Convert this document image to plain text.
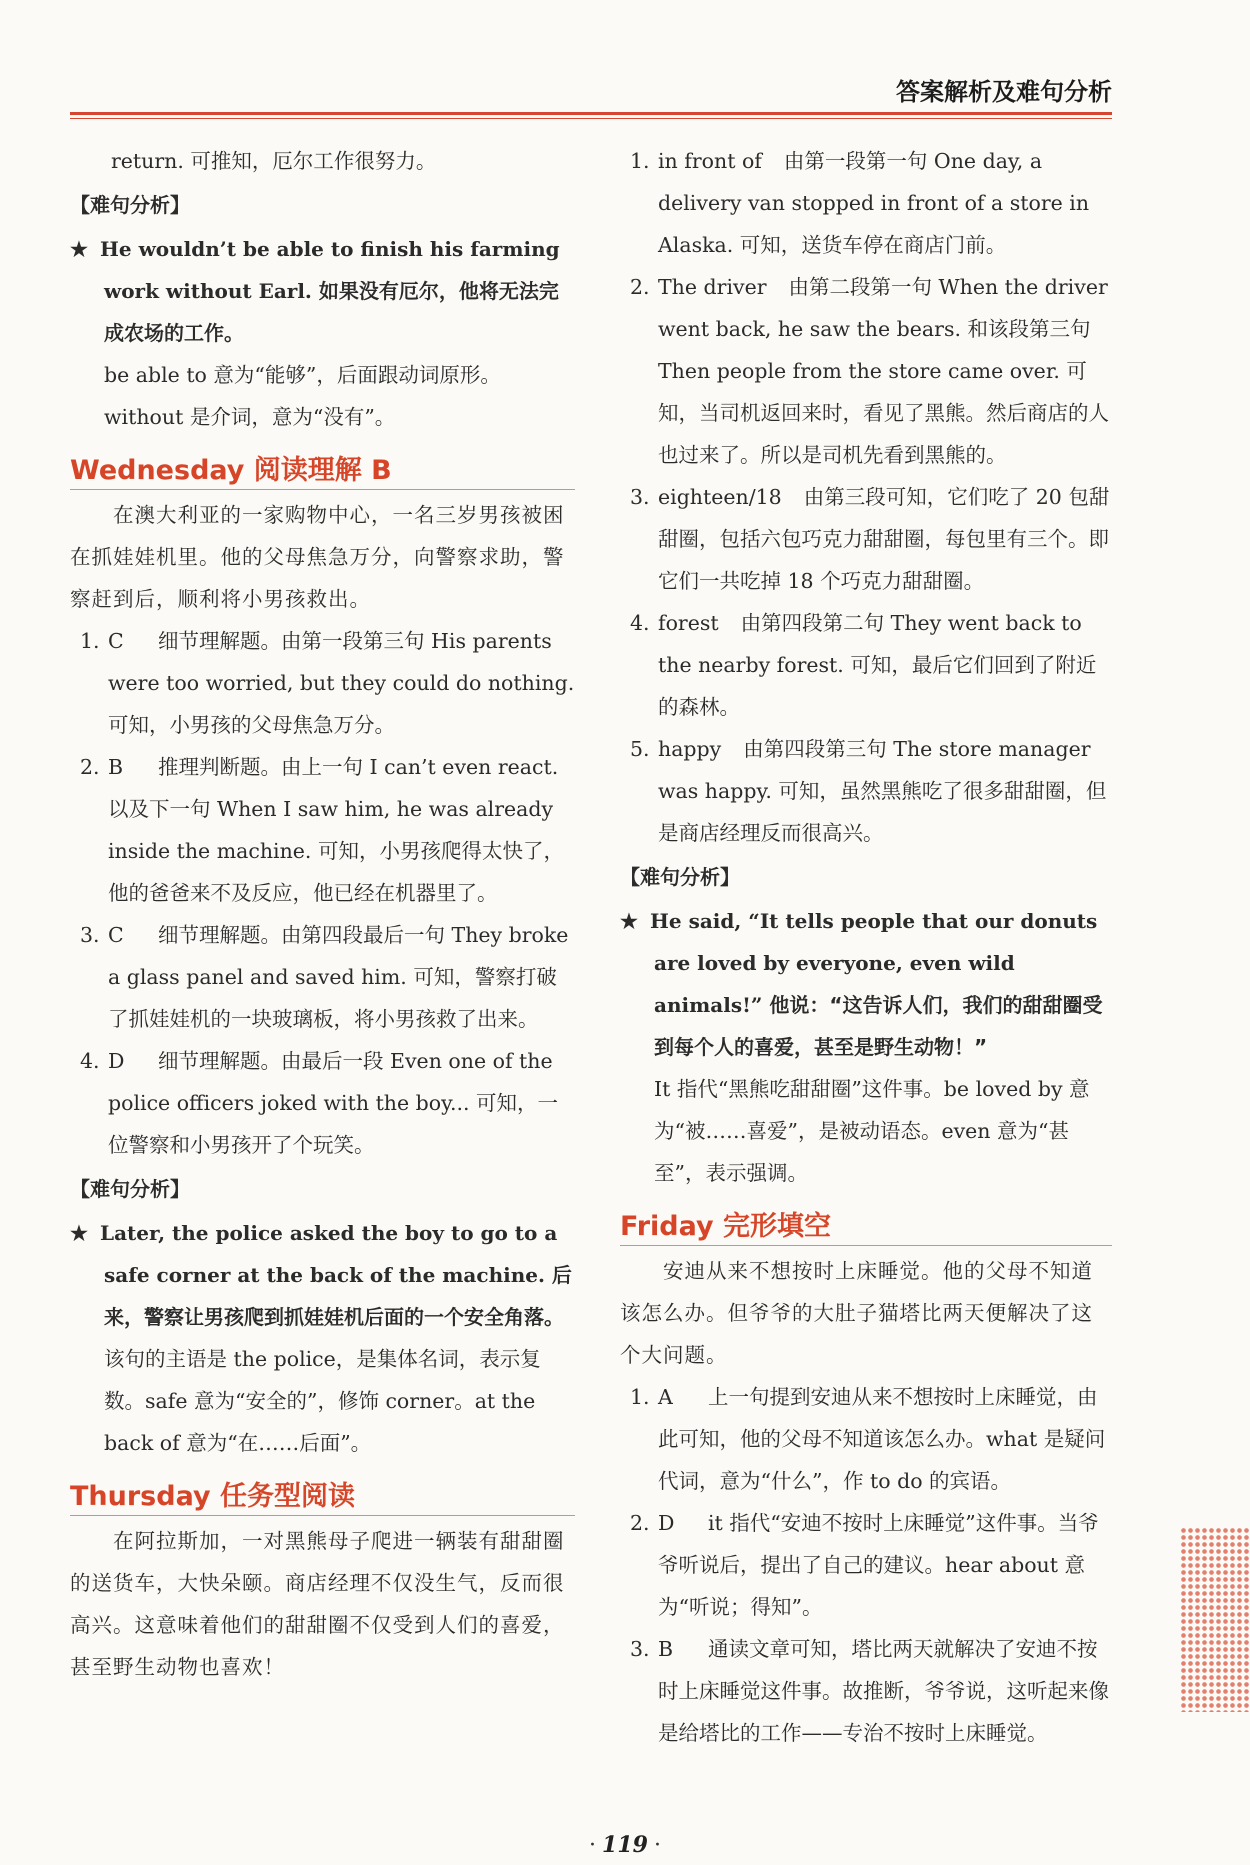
答案解析及难句分析
return. 可推知，厄尔工作很努力。
【难句分析】
★ He wouldn’t be able to finish his farming work without Earl. 如果没有厄尔，他将无法完成农场的工作。
be able to 意为“能够”，后面跟动词原形。
without 是介词，意为“没有”。
Wednesday 阅读理解 B
在澳大利亚的一家购物中心，一名三岁男孩被困在抓娃娃机里。他的父母焦急万分，向警察求助，警察赶到后，顺利将小男孩救出。
1. C 细节理解题。由第一段第三句 His parents were too worried, but they could do nothing. 可知，小男孩的父母焦急万分。
2. B 推理判断题。由上一句 I can’t even react. 以及下一句 When I saw him, he was already inside the machine. 可知，小男孩爬得太快了，他的爸爸来不及反应，他已经在机器里了。
3. C 细节理解题。由第四段最后一句 They broke a glass panel and saved him. 可知，警察打破了抓娃娃机的一块玻璃板，将小男孩救了出来。
4. D 细节理解题。由最后一段 Even one of the police officers joked with the boy... 可知，一位警察和小男孩开了个玩笑。
【难句分析】
★ Later, the police asked the boy to go to a safe corner at the back of the machine. 后来，警察让男孩爬到抓娃娃机后面的一个安全角落。
该句的主语是 the police，是集体名词，表示复数。safe 意为“安全的”，修饰 corner。at the back of 意为“在……后面”。
Thursday 任务型阅读
在阿拉斯加，一对黑熊母子爬进一辆装有甜甜圈的送货车，大快朵颐。商店经理不仅没生气，反而很高兴。这意味着他们的甜甜圈不仅受到人们的喜爱，甚至野生动物也喜欢！
1. in front of 由第一段第一句 One day, a delivery van stopped in front of a store in Alaska. 可知，送货车停在商店门前。
2. The driver 由第二段第一句 When the driver went back, he saw the bears. 和该段第三句 Then people from the store came over. 可知，当司机返回来时，看见了黑熊。然后商店的人也过来了。所以是司机先看到黑熊的。
3. eighteen/18 由第三段可知，它们吃了 20 包甜甜圈，包括六包巧克力甜甜圈，每包里有三个。即它们一共吃掉 18 个巧克力甜甜圈。
4. forest 由第四段第二句 They went back to the nearby forest. 可知，最后它们回到了附近的森林。
5. happy 由第四段第三句 The store manager was happy. 可知，虽然黑熊吃了很多甜甜圈，但是商店经理反而很高兴。
【难句分析】
★ He said, “It tells people that our donuts are loved by everyone, even wild animals!” 他说：“这告诉人们，我们的甜甜圈受到每个人的喜爱，甚至是野生动物！”
It 指代“黑熊吃甜甜圈”这件事。be loved by 意为“被……喜爱”，是被动语态。even 意为“甚至”，表示强调。
Friday 完形填空
安迪从来不想按时上床睡觉。他的父母不知道该怎么办。但爷爷的大肚子猫塔比两天便解决了这个大问题。
1. A 上一句提到安迪从来不想按时上床睡觉，由此可知，他的父母不知道该怎么办。what 是疑问代词，意为“什么”，作 to do 的宾语。
2. D it 指代“安迪不按时上床睡觉”这件事。当爷爷听说后，提出了自己的建议。hear about 意为“听说；得知”。
3. B 通读文章可知，塔比两天就解决了安迪不按时上床睡觉这件事。故推断，爷爷说，这听起来像是给塔比的工作——专治不按时上床睡觉。
· 119 ·
